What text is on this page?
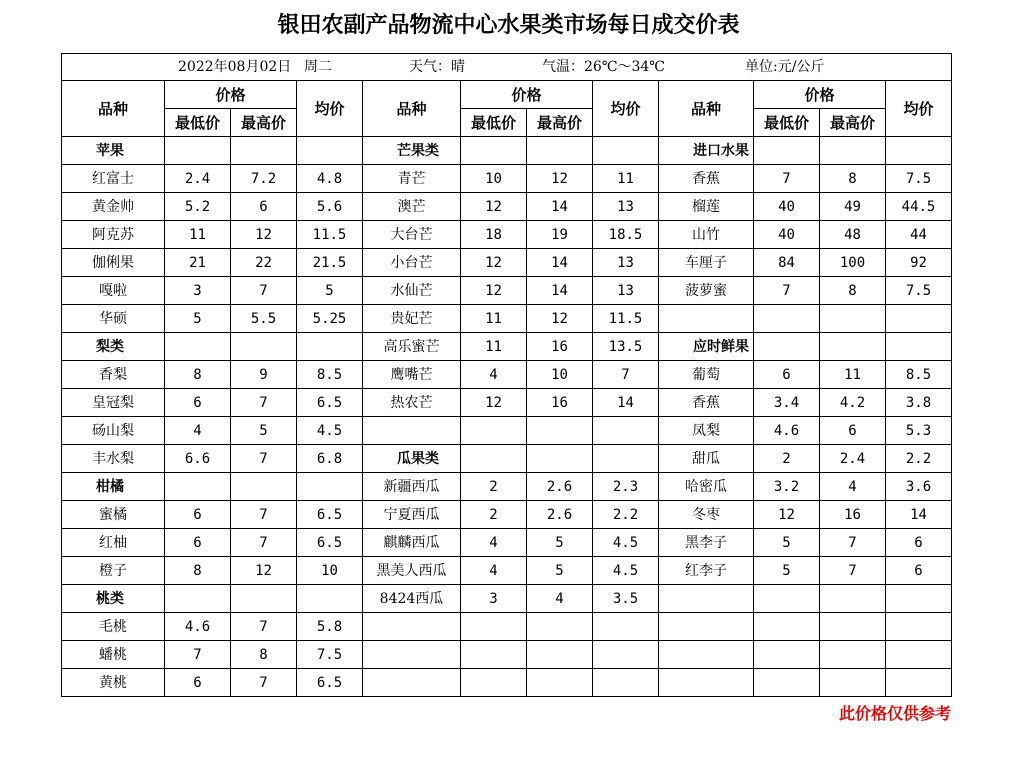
银田农副产品物流中心水果类市场每日成交价表
2022年08月02日 周二 天气：晴 气温：26℃～34℃ 单位:元/公斤											

品种	价格		均价	品种	价格		均价	品种	价格		均价
	最低价	最高价			最低价	最高价			最低价	最高价	
苹果				芒果类				进口水果			
红富士	2.4	7.2	4.8	青芒	10	12	11	香蕉	7	8	7.5
黄金帅	5.2	6	5.6	澳芒	12	14	13	榴莲	40	49	44.5
阿克苏	11	12	11.5	大台芒	18	19	18.5	山竹	40	48	44
伽俐果	21	22	21.5	小台芒	12	14	13	车厘子	84	100	92
嘎啦	3	7	5	水仙芒	12	14	13	菠萝蜜	7	8	7.5
华硕	5	5.5	5.25	贵妃芒	11	12	11.5				
梨类				高乐蜜芒	11	16	13.5	应时鲜果			
香梨	8	9	8.5	鹰嘴芒	4	10	7	葡萄	6	11	8.5
皇冠梨	6	7	6.5	热农芒	12	16	14	香蕉	3.4	4.2	3.8
砀山梨	4	5	4.5					凤梨	4.6	6	5.3
丰水梨	6.6	7	6.8	瓜果类				甜瓜	2	2.4	2.2
柑橘				新疆西瓜	2	2.6	2.3	哈密瓜	3.2	4	3.6
蜜橘	6	7	6.5	宁夏西瓜	2	2.6	2.2	冬枣	12	16	14
红柚	6	7	6.5	麒麟西瓜	4	5	4.5	黑李子	5	7	6
橙子	8	12	10	黑美人西瓜	4	5	4.5	红李子	5	7	6
桃类				8424西瓜	3	4	3.5				
毛桃	4.6	7	5.8								
蟠桃	7	8	7.5								
黄桃	6	7	6.5								
此价格仅供参考
